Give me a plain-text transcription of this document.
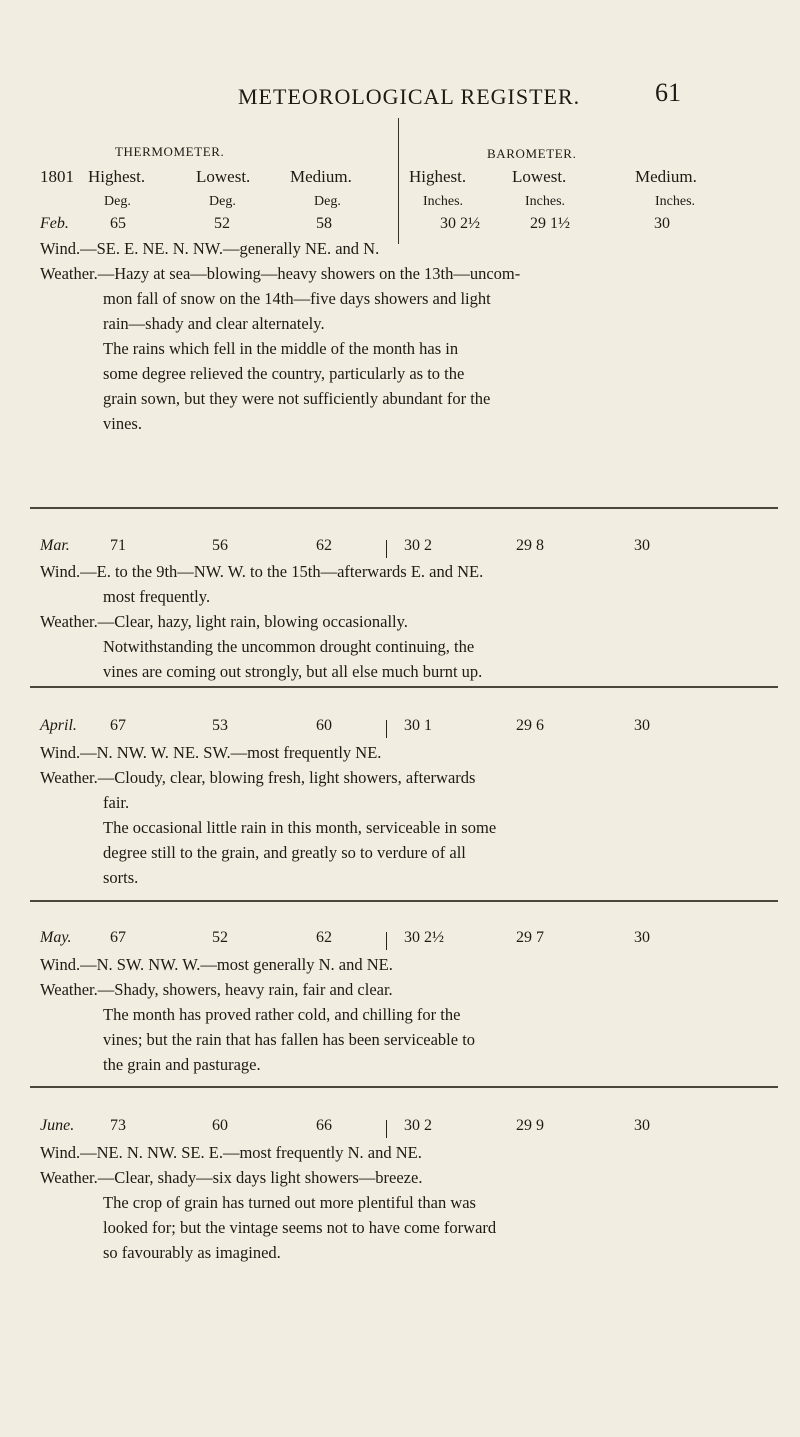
METEOROLOGICAL REGISTER.	61
THERMOMETER.	BAROMETER.
1801 Highest.	Lowest. Medium.	Highest.	Lowest.	Medium.
Deg.	Deg.	Deg.	Inches.	Inches.	Inches.
Feb.	65	52	58	30 2½	29 1½	30
Wind.—SE. E. NE. N. NW.—generally NE. and N.
Weather.—Hazy at sea—blowing—heavy showers on the 13th—uncom-
mon fall of snow on the 14th—five days showers and light
rain—shady and clear alternately.
The rains which fell in the middle of the month has in
some degree relieved the country, particularly as to the
grain sown, but they were not sufficiently abundant for the
vines.
Mar.	71	56	62	30 2	29 8	30
Wind.—E. to the 9th—NW. W. to the 15th—afterwards E. and NE.
most frequently.
Weather.—Clear, hazy, light rain, blowing occasionally.
Notwithstanding the uncommon drought continuing, the
vines are coming out strongly, but all else much burnt up.
April. 67	53	60	30 1	29 6	30
Wind.—N. NW. W. NE. SW.—most frequently NE.
Weather.—Cloudy, clear, blowing fresh, light showers, afterwards
fair.
The occasional little rain in this month, serviceable in some
degree still to the grain, and greatly so to verdure of all
sorts.
May. 67	52	62	30 2½	29 7	30
Wind.—N. SW. NW. W.—most generally N. and NE.
Weather.—Shady, showers, heavy rain, fair and clear.
The month has proved rather cold, and chilling for the
vines; but the rain that has fallen has been serviceable to
the grain and pasturage.
June. 73	60	66	30 2	29 9	30
Wind.—NE. N. NW. SE. E.—most frequently N. and NE.
Weather.—Clear, shady—six days light showers—breeze.
The crop of grain has turned out more plentiful than was
looked for; but the vintage seems not to have come forward
so favourably as imagined.
